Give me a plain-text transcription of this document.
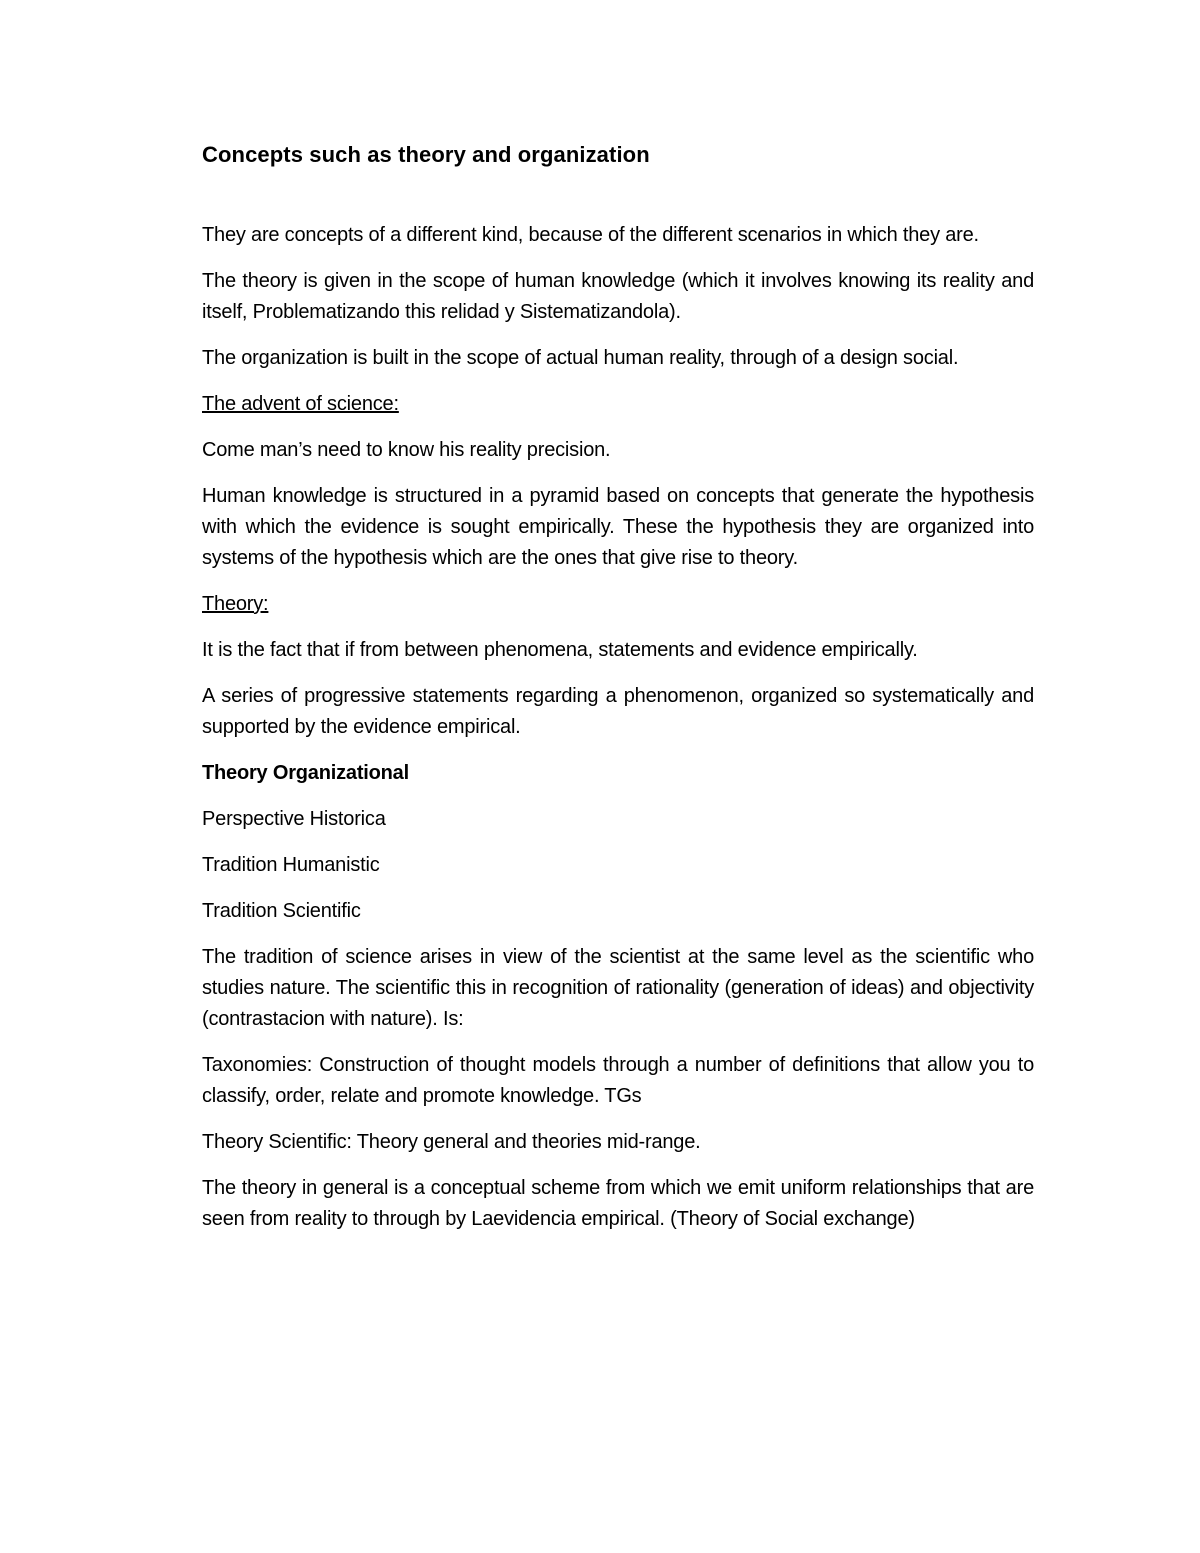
Concepts such as theory and organization
They are concepts of a different kind, because of the different scenarios in which they are.
The theory is given in the scope of human knowledge (which it involves knowing its reality and itself, Problematizando this relidad y Sistematizandola).
The organization is built in the scope of actual human reality, through of a design social.
The advent of science:
Come man’s need to know his reality precision.
Human knowledge is structured in a pyramid based on concepts that generate the hypothesis with which the evidence is sought empirically. These the hypothesis they are organized into systems of the hypothesis which are the ones that give rise to theory.
Theory:
It is the fact that if from between phenomena, statements and evidence empirically.
A series of progressive statements regarding a phenomenon, organized so systematically and supported by the evidence empirical.
Theory Organizational
Perspective Historica
Tradition Humanistic
Tradition Scientific
The tradition of science arises in view of the scientist at the same level as the scientific who studies nature. The scientific this in recognition of rationality (generation of ideas) and objectivity (contrastacion with nature). Is:
Taxonomies: Construction of thought models through a number of definitions that allow you to classify, order, relate and promote knowledge. TGs
Theory Scientific: Theory general and theories mid-range.
The theory in general is a conceptual scheme from which we emit uniform relationships that are seen from reality to through by Laevidencia empirical. (Theory of Social exchange)
